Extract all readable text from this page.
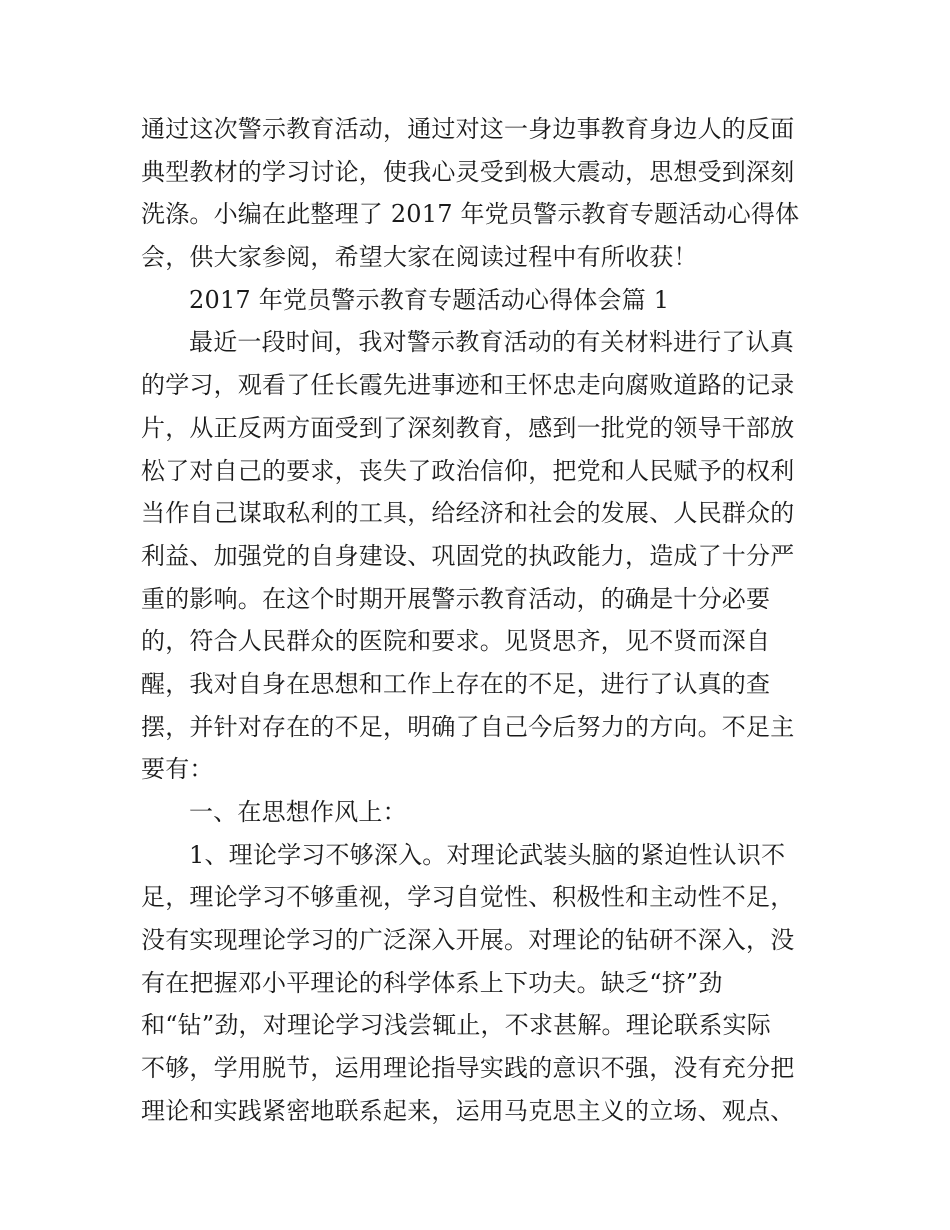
通过这次警示教育活动，通过对这一身边事教育身边人的反面
典型教材的学习讨论，使我心灵受到极大震动，思想受到深刻
洗涤。小编在此整理了 2017 年党员警示教育专题活动心得体
会，供大家参阅，希望大家在阅读过程中有所收获！
2017 年党员警示教育专题活动心得体会篇 1
最近一段时间，我对警示教育活动的有关材料进行了认真
的学习，观看了任长霞先进事迹和王怀忠走向腐败道路的记录
片，从正反两方面受到了深刻教育，感到一批党的领导干部放
松了对自己的要求，丧失了政治信仰，把党和人民赋予的权利
当作自己谋取私利的工具，给经济和社会的发展、人民群众的
利益、加强党的自身建设、巩固党的执政能力，造成了十分严
重的影响。在这个时期开展警示教育活动，的确是十分必要
的，符合人民群众的医院和要求。见贤思齐，见不贤而深自
醒，我对自身在思想和工作上存在的不足，进行了认真的查
摆，并针对存在的不足，明确了自己今后努力的方向。不足主
要有：
一、在思想作风上：
1、理论学习不够深入。对理论武装头脑的紧迫性认识不
足，理论学习不够重视，学习自觉性、积极性和主动性不足，
没有实现理论学习的广泛深入开展。对理论的钻研不深入，没
有在把握邓小平理论的科学体系上下功夫。缺乏“挤”劲
和“钻”劲，对理论学习浅尝辄止，不求甚解。理论联系实际
不够，学用脱节，运用理论指导实践的意识不强，没有充分把
理论和实践紧密地联系起来，运用马克思主义的立场、观点、
